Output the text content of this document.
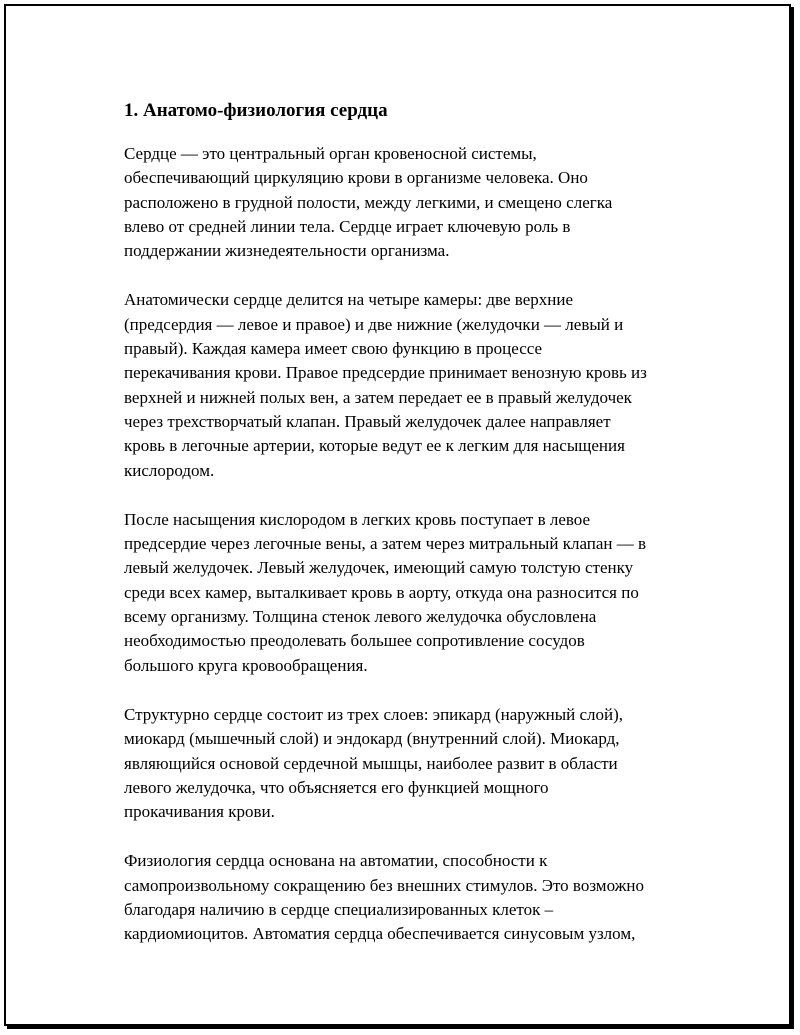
1. Анатомо-физиология сердца

Сердце — это центральный орган кровеносной системы,
обеспечивающий циркуляцию крови в организме человека. Оно
расположено в грудной полости, между легкими, и смещено слегка
влево от средней линии тела. Сердце играет ключевую роль в
поддержании жизнедеятельности организма.

Анатомически сердце делится на четыре камеры: две верхние
(предсердия — левое и правое) и две нижние (желудочки — левый и
правый). Каждая камера имеет свою функцию в процессе
перекачивания крови. Правое предсердие принимает венозную кровь из
верхней и нижней полых вен, а затем передает ее в правый желудочек
через трехстворчатый клапан. Правый желудочек далее направляет
кровь в легочные артерии, которые ведут ее к легким для насыщения
кислородом.

После насыщения кислородом в легких кровь поступает в левое
предсердие через легочные вены, а затем через митральный клапан — в
левый желудочек. Левый желудочек, имеющий самую толстую стенку
среди всех камер, выталкивает кровь в аорту, откуда она разносится по
всему организму. Толщина стенок левого желудочка обусловлена
необходимостью преодолевать большее сопротивление сосудов
большого круга кровообращения.

Структурно сердце состоит из трех слоев: эпикард (наружный слой),
миокард (мышечный слой) и эндокард (внутренний слой). Миокард,
являющийся основой сердечной мышцы, наиболее развит в области
левого желудочка, что объясняется его функцией мощного
прокачивания крови.

Физиология сердца основана на автоматии, способности к
самопроизвольному сокращению без внешних стимулов. Это возможно
благодаря наличию в сердце специализированных клеток –
кардиомиоцитов. Автоматия сердца обеспечивается синусовым узлом,
